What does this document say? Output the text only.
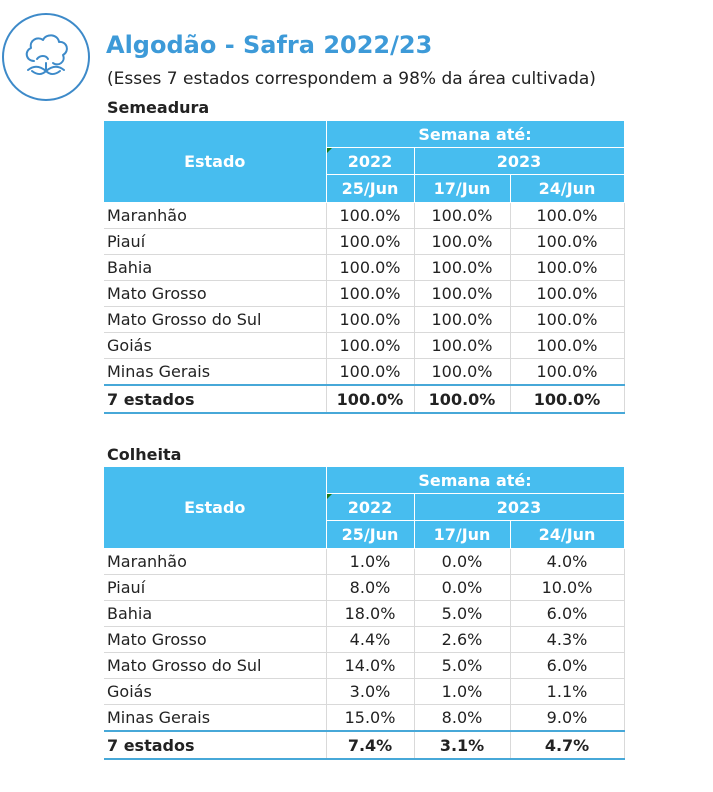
Algodão - Safra 2022/23
(Esses 7 estados correspondem a 98% da área cultivada)
Semeadura
Estado	Semana até:		

2022	2023	
	25/Jun	17/Jun	24/Jun
Maranhão	100.0%	100.0%	100.0%
Piauí	100.0%	100.0%	100.0%
Bahia	100.0%	100.0%	100.0%
Mato Grosso	100.0%	100.0%	100.0%
Mato Grosso do Sul	100.0%	100.0%	100.0%
Goiás	100.0%	100.0%	100.0%
Minas Gerais	100.0%	100.0%	100.0%
7 estados	100.0%	100.0%	100.0%
Colheita
Estado	Semana até:		

2022	2023	
	25/Jun	17/Jun	24/Jun
Maranhão	1.0%	0.0%	4.0%
Piauí	8.0%	0.0%	10.0%
Bahia	18.0%	5.0%	6.0%
Mato Grosso	4.4%	2.6%	4.3%
Mato Grosso do Sul	14.0%	5.0%	6.0%
Goiás	3.0%	1.0%	1.1%
Minas Gerais	15.0%	8.0%	9.0%
7 estados	7.4%	3.1%	4.7%
